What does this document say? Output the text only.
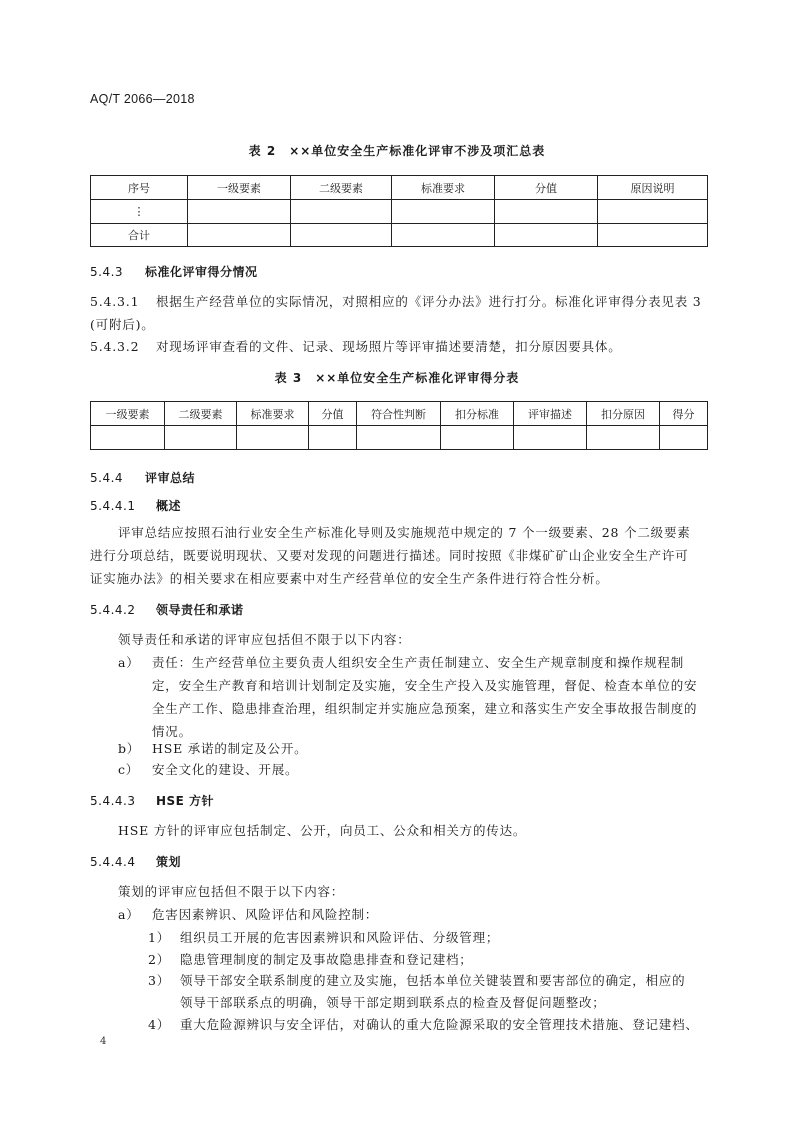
AQ/T 2066—2018
表 2　××单位安全生产标准化评审不涉及项汇总表
序号	一级要素	二级要素	标准要求	分值	原因说明
⋮					
合计					
5.4.3 标准化评审得分情况
5.4.3.1 根据生产经营单位的实际情况，对照相应的《评分办法》进行打分。标准化评审得分表见表 3
(可附后)。
5.4.3.2 对现场评审查看的文件、记录、现场照片等评审描述要清楚，扣分原因要具体。
表 3　××单位安全生产标准化评审得分表
一级要素	二级要素	标准要求	分值	符合性判断	扣分标准	评审描述	扣分原因	得分

5.4.4 评审总结
5.4.4.1 概述
评审总结应按照石油行业安全生产标准化导则及实施规范中规定的 7 个一级要素、28 个二级要素
进行分项总结，既要说明现状、又要对发现的问题进行描述。同时按照《非煤矿矿山企业安全生产许可
证实施办法》的相关要求在相应要素中对生产经营单位的安全生产条件进行符合性分析。
5.4.4.2 领导责任和承诺
领导责任和承诺的评审应包括但不限于以下内容：
a） 责任：生产经营单位主要负责人组织安全生产责任制建立、安全生产规章制度和操作规程制
定，安全生产教育和培训计划制定及实施，安全生产投入及实施管理，督促、检查本单位的安
全生产工作、隐患排查治理，组织制定并实施应急预案，建立和落实生产安全事故报告制度的
情况。
b） HSE 承诺的制定及公开。
c） 安全文化的建设、开展。
5.4.4.3 HSE 方针
HSE 方针的评审应包括制定、公开，向员工、公众和相关方的传达。
5.4.4.4 策划
策划的评审应包括但不限于以下内容：
a） 危害因素辨识、风险评估和风险控制：
1） 组织员工开展的危害因素辨识和风险评估、分级管理；
2） 隐患管理制度的制定及事故隐患排查和登记建档；
3） 领导干部安全联系制度的建立及实施，包括本单位关键装置和要害部位的确定，相应的
领导干部联系点的明确，领导干部定期到联系点的检查及督促问题整改；
4） 重大危险源辨识与安全评估，对确认的重大危险源采取的安全管理技术措施、登记建档、
4
